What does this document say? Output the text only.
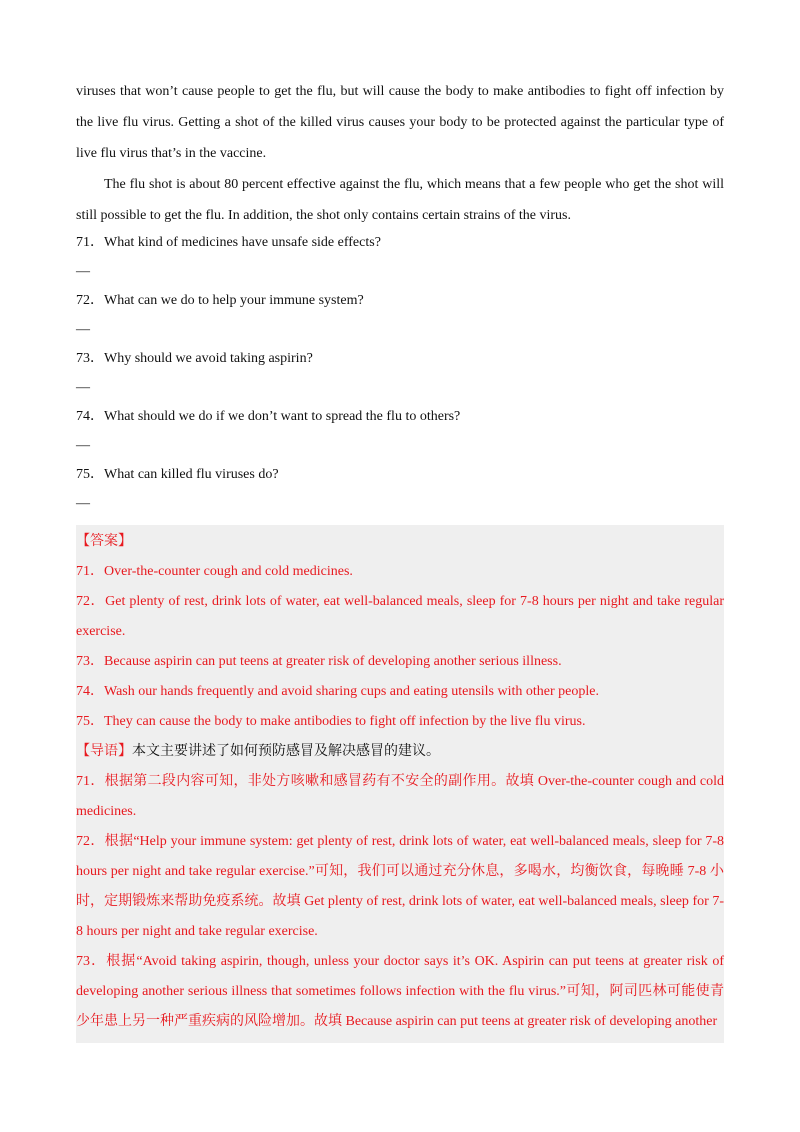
viruses that won’t cause people to get the flu, but will cause the body to make antibodies to fight off infection by the live flu virus. Getting a shot of the killed virus causes your body to be protected against the particular type of live flu virus that’s in the vaccine.

The flu shot is about 80 percent effective against the flu, which means that a few people who get the shot will still possible to get the flu. In addition, the shot only contains certain strains of the virus.

71．What kind of medicines have unsafe side effects?

—

72．What can we do to help your immune system?

—

73．Why should we avoid taking aspirin?

—

74．What should we do if we don’t want to spread the flu to others?

—

75．What can killed flu viruses do?

—

【答案】

71．Over-the-counter cough and cold medicines.

72．Get plenty of rest, drink lots of water, eat well-balanced meals, sleep for 7-8 hours per night and take regular exercise.

73．Because aspirin can put teens at greater risk of developing another serious illness.

74．Wash our hands frequently and avoid sharing cups and eating utensils with other people.

75．They can cause the body to make antibodies to fight off infection by the live flu virus.

【导语】本文主要讲述了如何预防感冒及解决感冒的建议。

71．根据第二段内容可知，非处方咳嗽和感冒药有不安全的副作用。故填 Over-the-counter cough and cold medicines.

72．根据“Help your immune system: get plenty of rest, drink lots of water, eat well-balanced meals, sleep for 7-8 hours per night and take regular exercise.”可知，我们可以通过充分休息，多喝水，均衡饮食，每晚睡 7-8 小时，定期锻炼来帮助免疫系统。故填 Get plenty of rest, drink lots of water, eat well-balanced meals, sleep for 7-8 hours per night and take regular exercise.

73．根据“Avoid taking aspirin, though, unless your doctor says it’s OK. Aspirin can put teens at greater risk of developing another serious illness that sometimes follows infection with the flu virus.”可知，阿司匹林可能使青少年患上另一种严重疾病的风险增加。故填 Because aspirin can put teens at greater risk of developing another
